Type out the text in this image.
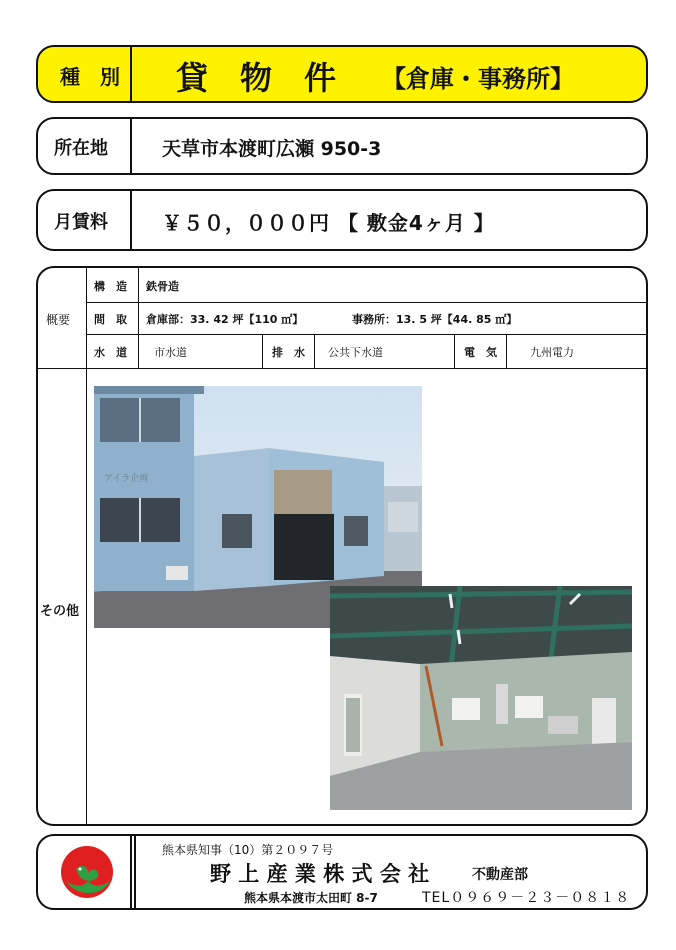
種　別 貸　物　件 【倉庫・事務所】
所在地	天草市本渡町広瀬 950-3
月賃料	￥５０，０００円 【 敷金4ヶ月 】
概要
構　造 鉄骨造
間　取 倉庫部：33. 42 坪【110 ㎡】	事務所：13. 5 坪【44. 85 ㎡】
水　道 市水道	排　水 公共下水道	電　気	九州電力
その他
アイラ企画
熊本県知事（10）第２０９７号
野 上 産 業 株 式 会 社	不動産部
熊本県本渡市太田町 8-7	TEL０９６９－２３－０８１８
